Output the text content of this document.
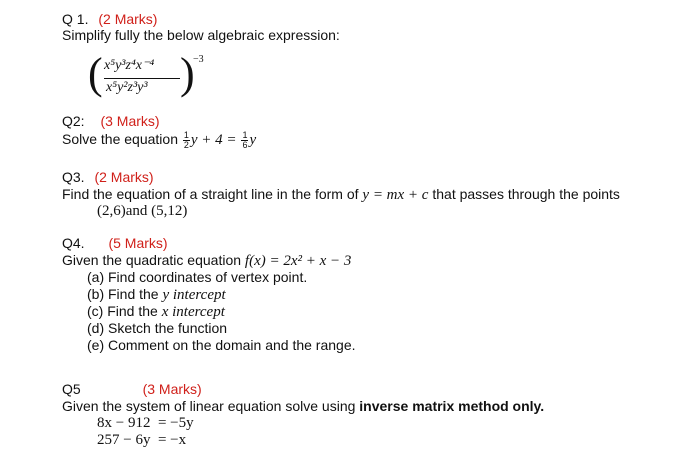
Q 1. (2 Marks)
Simplify fully the below algebraic expression:
( x⁵y³z⁴x⁻⁴
x⁵y²z³y³ )
−3
Q2: (3 Marks)
Solve the equation $\frac{1}{2}$ $y + 4 = \frac{1}{6}$ y
Q3. (2 Marks)
Find the equation of a straight line in the form of y = mx + c that passes through the points
(2,6)and (5,12)
Q4. (5 Marks)
Given the quadratic equation f(x) = 2x² + x − 3
(a) Find coordinates of vertex point.
(b) Find the y intercept
(c) Find the x intercept
(d) Sketch the function
(e) Comment on the domain and the range.
Q5	(3 Marks)
Given the system of linear equation solve using inverse matrix method only.
8x − 912  = −5y
257 − 6y  = −x
